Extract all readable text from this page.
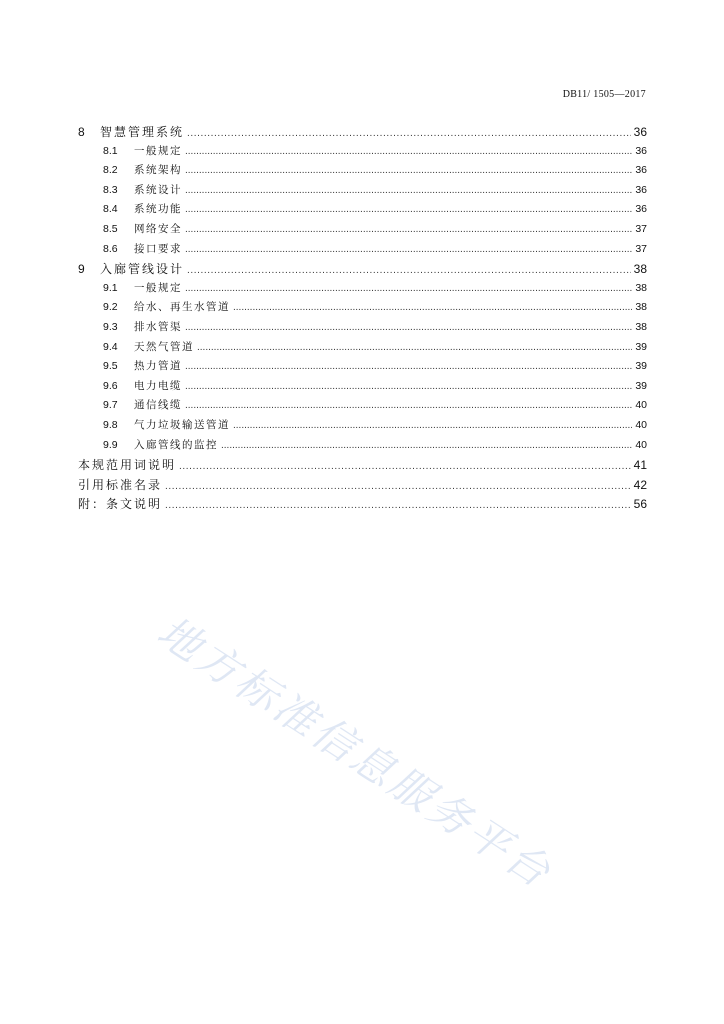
DB11/ 1505—2017
8	智慧管理系统 .....	36
8.1	一般规定 .....	36
8.2	系统架构 .....	36
8.3	系统设计 .....	36
8.4	系统功能 .....	36
8.5	网络安全 .....	37
8.6	接口要求 .....	37
9	入廊管线设计 .....	38
9.1	一般规定 .....	38
9.2	给水、再生水管道 .....	38
9.3	排水管渠 .....	38
9.4	天然气管道 .....	39
9.5	热力管道 .....	39
9.6	电力电缆 .....	39
9.7	通信线缆 .....	40
9.8	气力垃圾输送管道 .....	40
9.9	入廊管线的监控 .....	40
本规范用词说明 .....	41
引用标准名录 .....	42
附：条文说明 .....	56
地方标准信息服务平台
